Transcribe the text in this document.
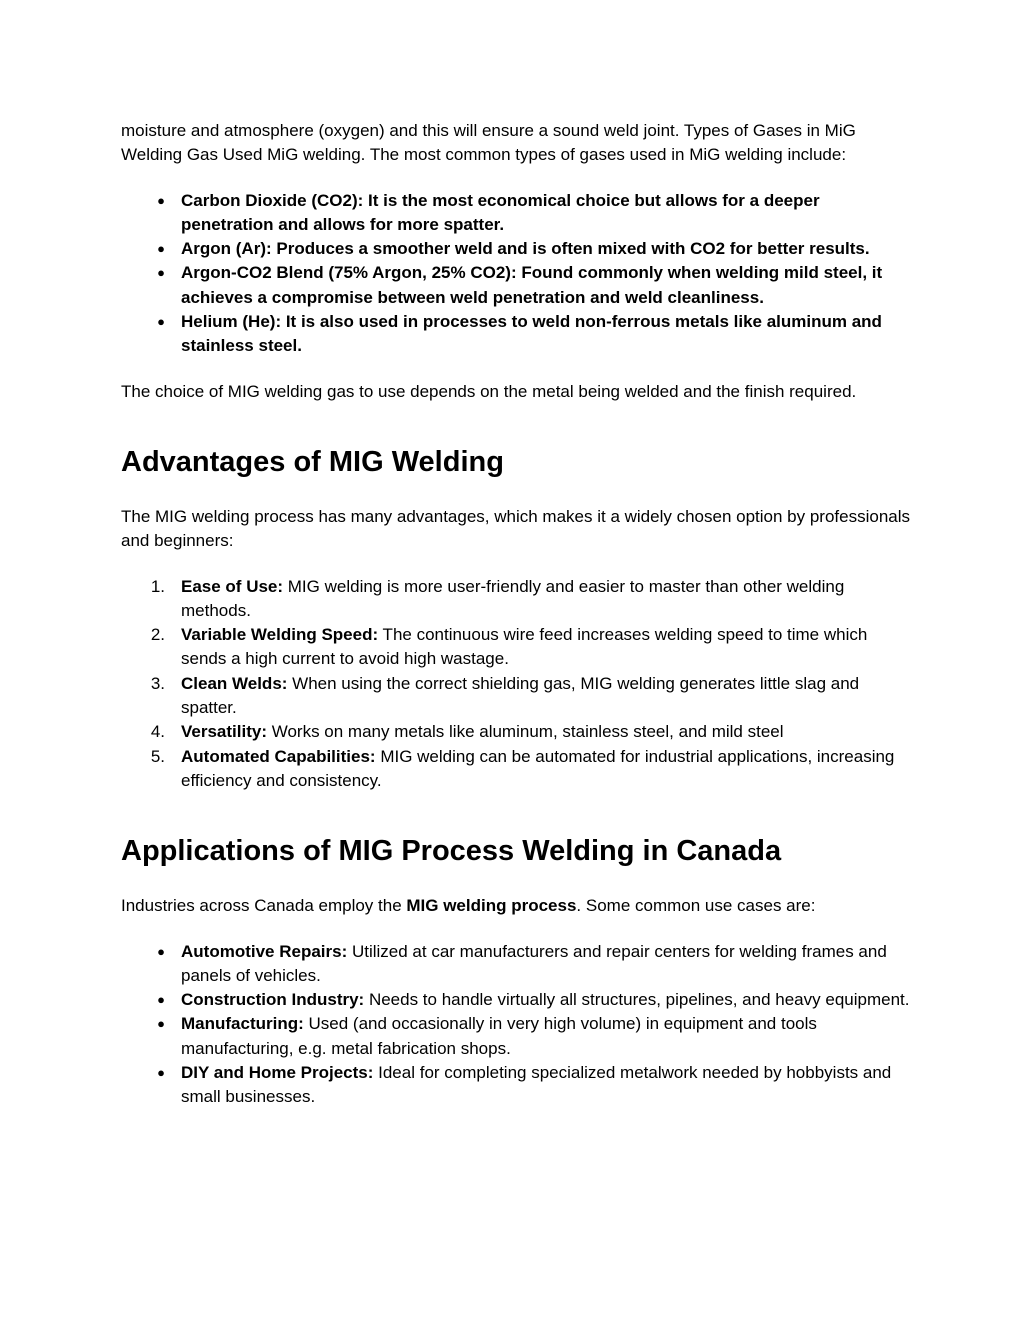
moisture and atmosphere (oxygen) and this will ensure a sound weld joint. Types of Gases in MiG Welding Gas Used MiG welding. The most common types of gases used in MiG welding include:

● Carbon Dioxide (CO2): It is the most economical choice but allows for a deeper penetration and allows for more spatter.
● Argon (Ar): Produces a smoother weld and is often mixed with CO2 for better results.
● Argon-CO2 Blend (75% Argon, 25% CO2): Found commonly when welding mild steel, it achieves a compromise between weld penetration and weld cleanliness.
● Helium (He): It is also used in processes to weld non-ferrous metals like aluminum and stainless steel.

The choice of MIG welding gas to use depends on the metal being welded and the finish required.

Advantages of MIG Welding

The MIG welding process has many advantages, which makes it a widely chosen option by professionals and beginners:

1. Ease of Use: MIG welding is more user-friendly and easier to master than other welding methods.
2. Variable Welding Speed: The continuous wire feed increases welding speed to time which sends a high current to avoid high wastage.
3. Clean Welds: When using the correct shielding gas, MIG welding generates little slag and spatter.
4. Versatility: Works on many metals like aluminum, stainless steel, and mild steel
5. Automated Capabilities: MIG welding can be automated for industrial applications, increasing efficiency and consistency.
Applications of MIG Process Welding in Canada

Industries across Canada employ the MIG welding process. Some common use cases are:

● Automotive Repairs: Utilized at car manufacturers and repair centers for welding frames and panels of vehicles.
● Construction Industry: Needs to handle virtually all structures, pipelines, and heavy equipment.
● Manufacturing: Used (and occasionally in very high volume) in equipment and tools manufacturing, e.g. metal fabrication shops.
● DIY and Home Projects: Ideal for completing specialized metalwork needed by hobbyists and small businesses.
